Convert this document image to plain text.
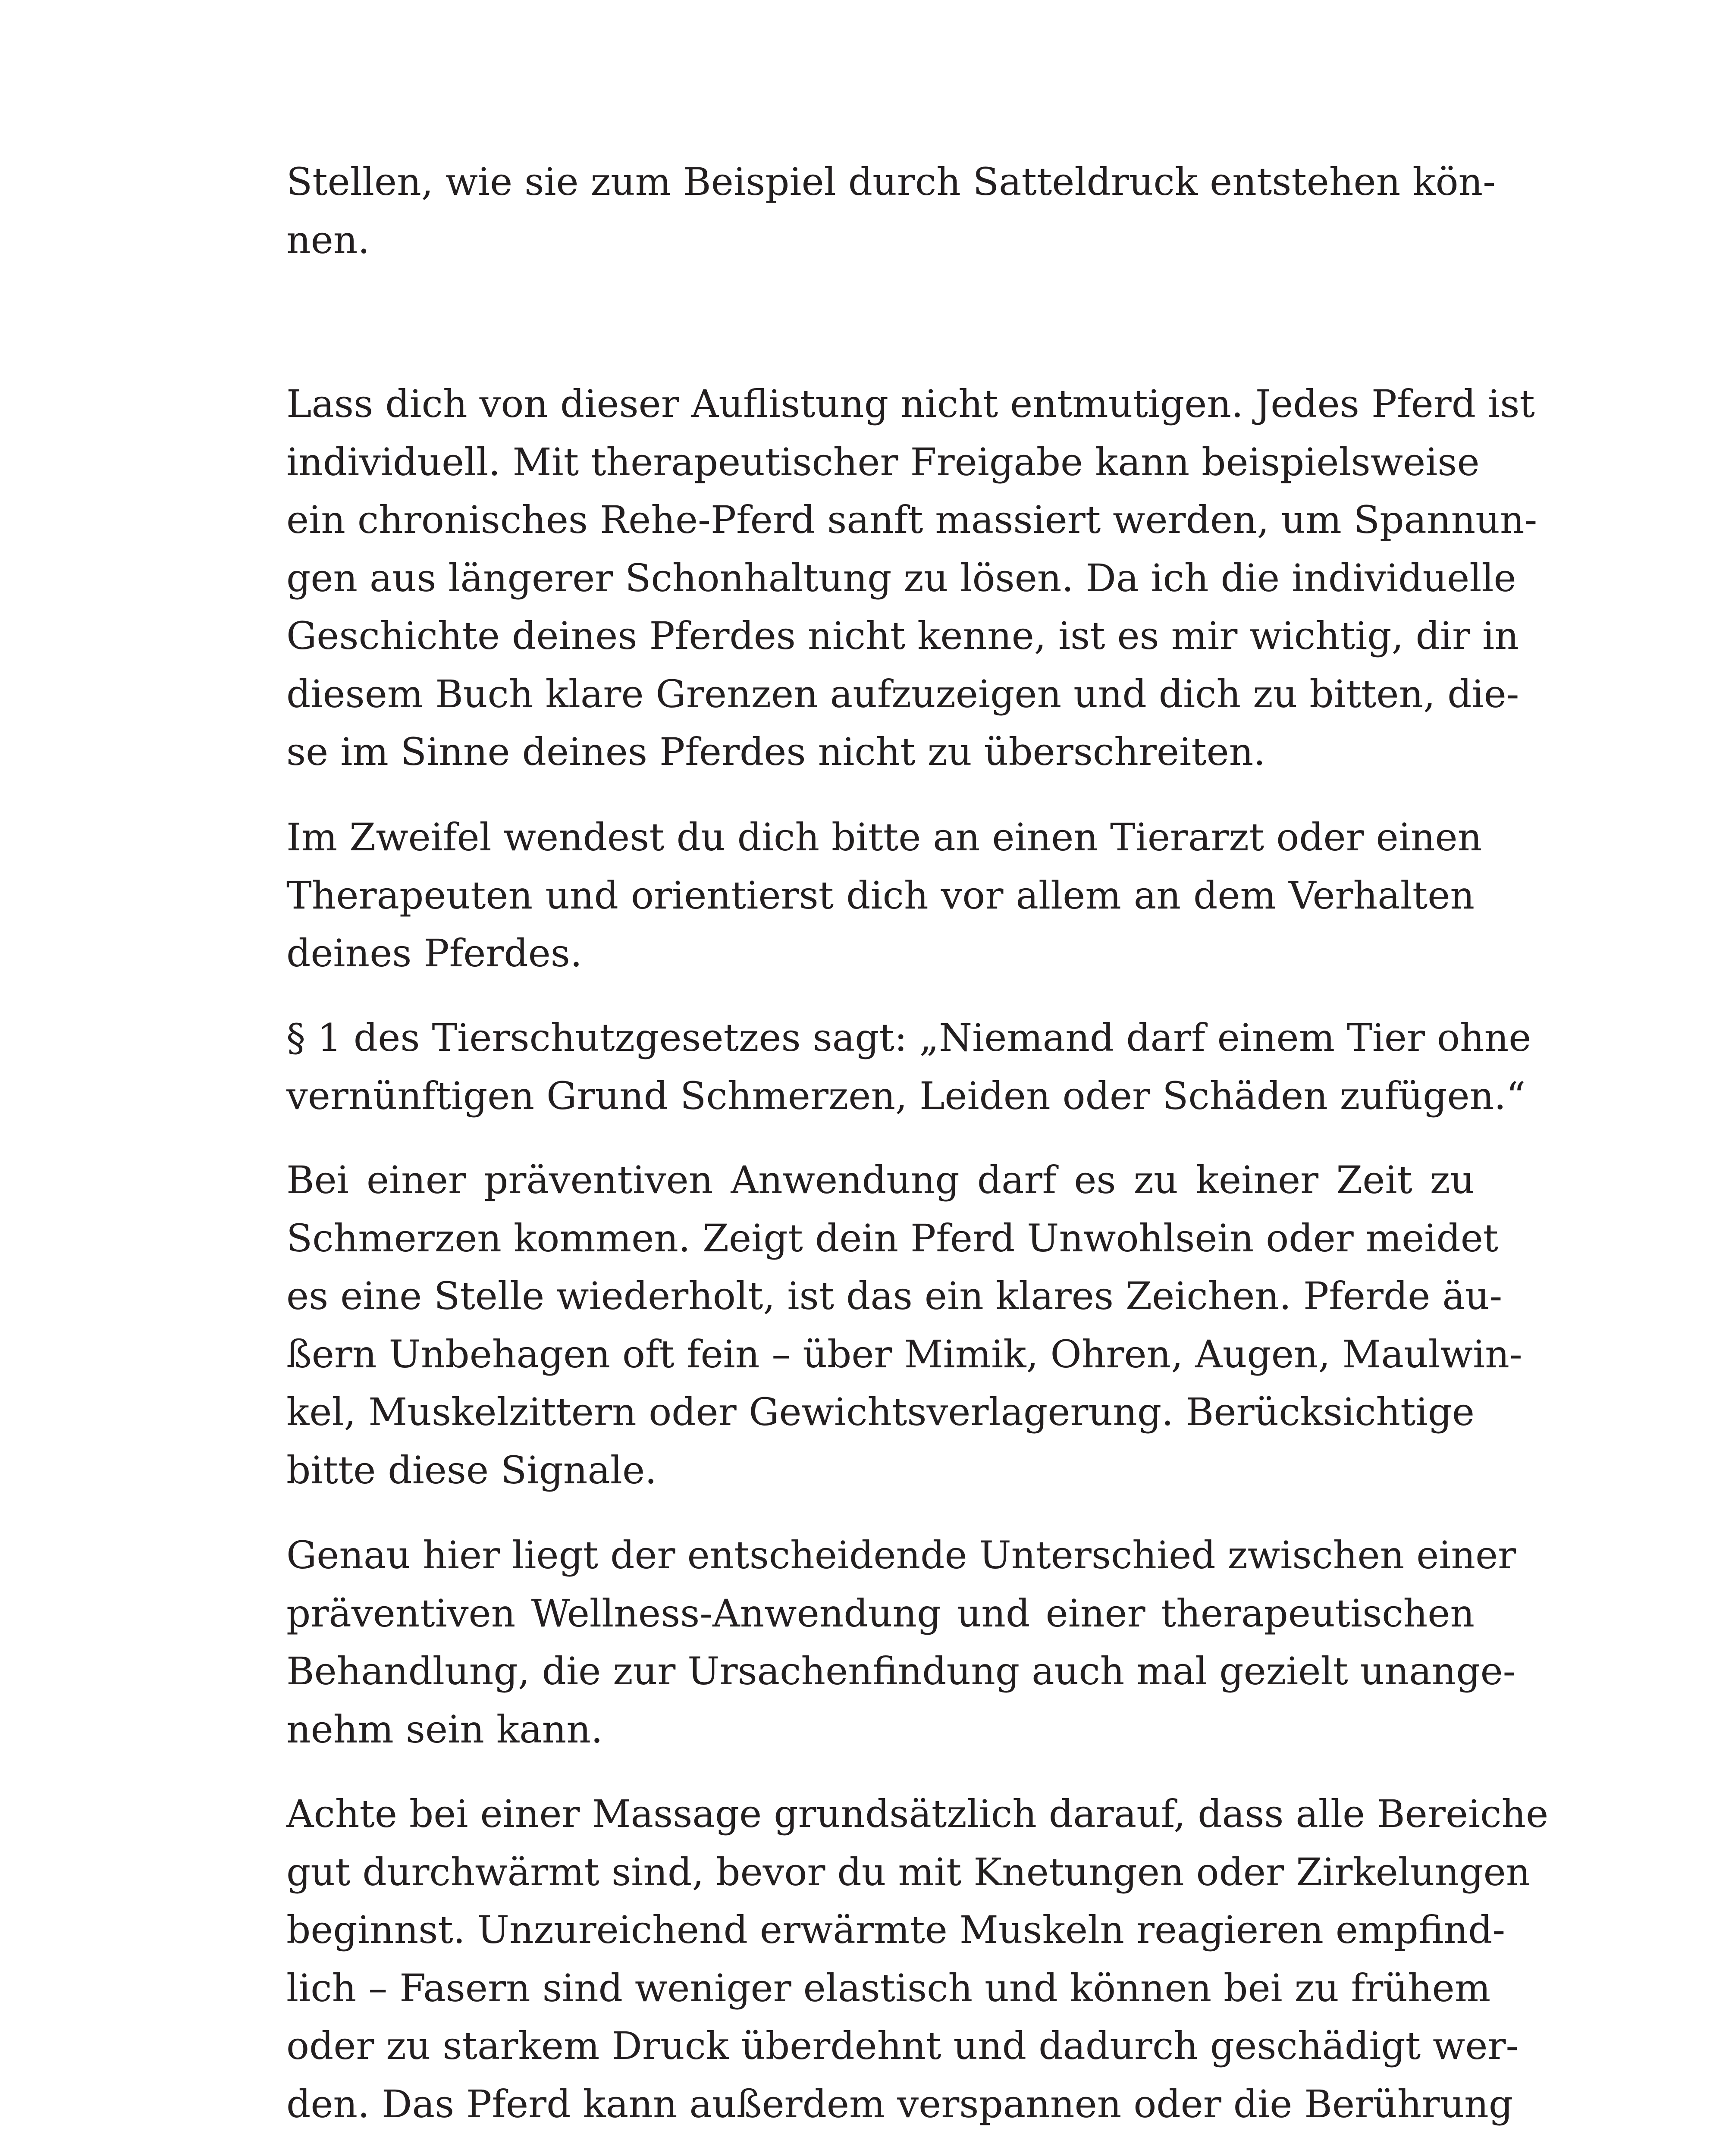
Stellen, wie sie zum Beispiel durch Satteldruck entstehen kön-
nen.
Lass dich von dieser Auflistung nicht entmutigen. Jedes Pferd ist
individuell. Mit therapeutischer Freigabe kann beispielsweise
ein chronisches Rehe-Pferd sanft massiert werden, um Spannun-
gen aus längerer Schonhaltung zu lösen. Da ich die individuelle
Geschichte deines Pferdes nicht kenne, ist es mir wichtig, dir in
diesem Buch klare Grenzen aufzuzeigen und dich zu bitten, die-
se im Sinne deines Pferdes nicht zu überschreiten.
Im Zweifel wendest du dich bitte an einen Tierarzt oder einen
Therapeuten und orientierst dich vor allem an dem Verhalten
deines Pferdes.
§ 1 des Tierschutzgesetzes sagt: „Niemand darf einem Tier ohne
vernünftigen Grund Schmerzen, Leiden oder Schäden zufügen.“
Bei einer präventiven Anwendung darf es zu keiner Zeit zu
Schmerzen kommen. Zeigt dein Pferd Unwohlsein oder meidet
es eine Stelle wiederholt, ist das ein klares Zeichen. Pferde äu-
ßern Unbehagen oft fein – über Mimik, Ohren, Augen, Maulwin-
kel, Muskelzittern oder Gewichtsverlagerung. Berücksichtige
bitte diese Signale.
Genau hier liegt der entscheidende Unterschied zwischen einer
präventiven Wellness-Anwendung und einer therapeutischen
Behandlung, die zur Ursachenfindung auch mal gezielt unange-
nehm sein kann.
Achte bei einer Massage grundsätzlich darauf, dass alle Bereiche
gut durchwärmt sind, bevor du mit Knetungen oder Zirkelungen
beginnst. Unzureichend erwärmte Muskeln reagieren empfind-
lich – Fasern sind weniger elastisch und können bei zu frühem
oder zu starkem Druck überdehnt und dadurch geschädigt wer-
den. Das Pferd kann außerdem verspannen oder die Berührung
